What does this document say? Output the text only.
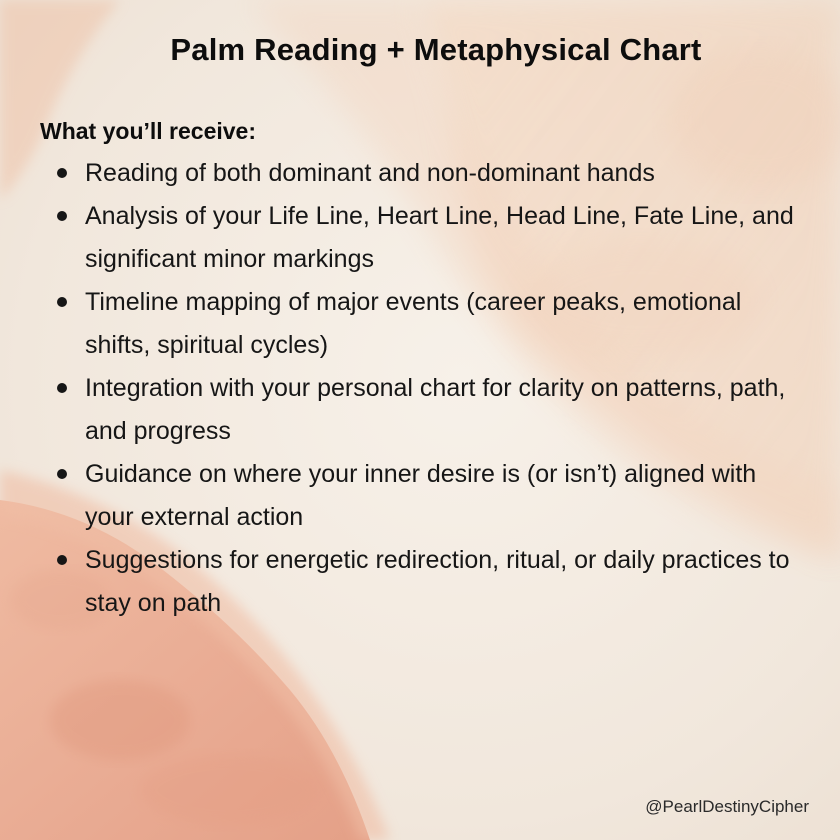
Palm Reading + Metaphysical Chart
What you’ll receive:
Reading of both dominant and non-dominant hands
Analysis of your Life Line, Heart Line, Head Line, Fate Line, and significant minor markings
Timeline mapping of major events (career peaks, emotional shifts, spiritual cycles)
Integration with your personal chart for clarity on patterns, path, and progress
Guidance on where your inner desire is (or isn’t) aligned with your external action
Suggestions for energetic redirection, ritual, or daily practices to stay on path

@PearlDestinyCipher
